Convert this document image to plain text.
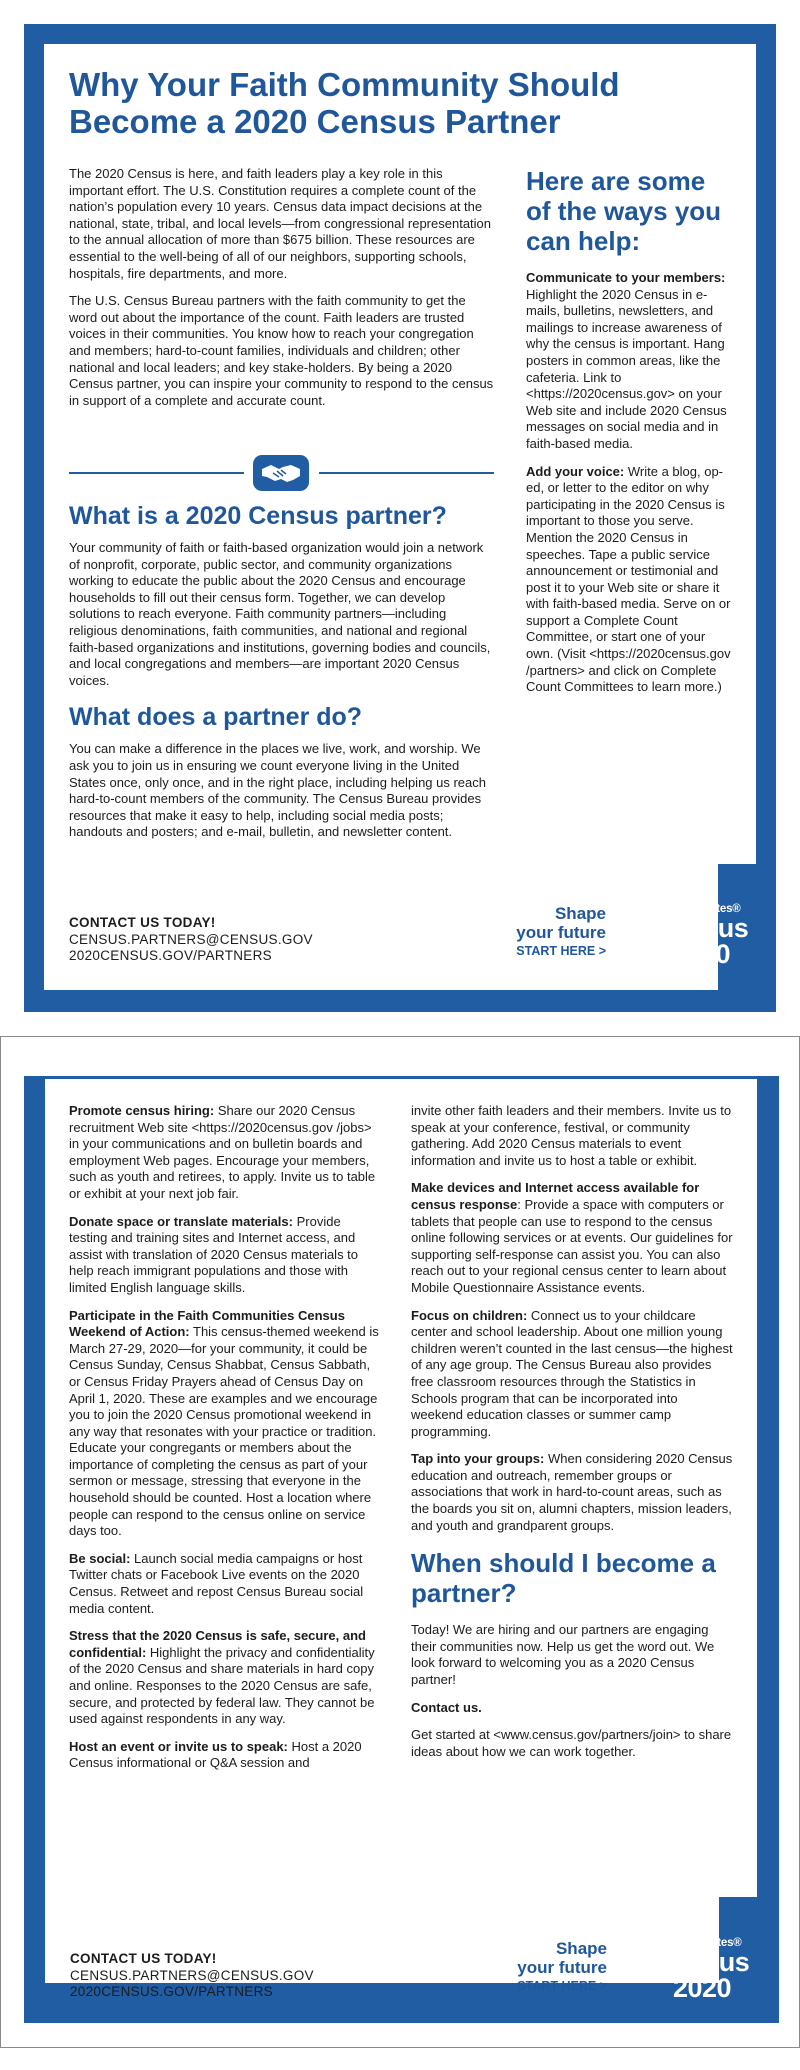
Why Your Faith Community Should Become a 2020 Census Partner

The 2020 Census is here, and faith leaders play a key role in this important effort. The U.S. Constitution requires a complete count of the nation’s population every 10 years. Census data impact decisions at the national, state, tribal, and local levels—from congressional representation to the annual allocation of more than $675 billion. These resources are essential to the well-being of all of our neighbors, supporting schools, hospitals, fire departments, and more.

The U.S. Census Bureau partners with the faith community to get the word out about the importance of the count. Faith leaders are trusted voices in their communities. You know how to reach your congregation and members; hard-to-count families, individuals and children; other national and local leaders; and key stake-holders. By being a 2020 Census partner, you can inspire your community to respond to the census in support of a complete and accurate count.

What is a 2020 Census partner?

Your community of faith or faith-based organization would join a network of nonprofit, corporate, public sector, and community organizations working to educate the public about the 2020 Census and encourage households to fill out their census form. Together, we can develop solutions to reach everyone. Faith community partners—including religious denominations, faith communities, and national and regional faith-based organizations and institutions, governing bodies and councils, and local congregations and members—are important 2020 Census voices.

What does a partner do?

You can make a difference in the places we live, work, and worship. We ask you to join us in ensuring we count everyone living in the United States once, only once, and in the right place, including helping us reach hard-to-count members of the community. The Census Bureau provides resources that make it easy to help, including social media posts; handouts and posters; and e-mail, bulletin, and newsletter content.

Here are some of the ways you can help:

Communicate to your members: Highlight the 2020 Census in e-mails, bulletins, newsletters, and mailings to increase awareness of why the census is important. Hang posters in common areas, like the cafeteria. Link to <https://2020census.gov> on your Web site and include 2020 Census messages on social media and in faith-based media.

Add your voice: Write a blog, op-ed, or letter to the editor on why participating in the 2020 Census is important to those you serve. Mention the 2020 Census in speeches. Tape a public service announcement or testimonial and post it to your Web site or share it with faith-based media. Serve on or support a Complete Count Committee, or start one of your own. (Visit <https://2020census.gov /partners> and click on Complete Count Committees to learn more.)

CONTACT US TODAY!
CENSUS.PARTNERS@CENSUS.GOV
2020CENSUS.GOV/PARTNERS
Shape
your future
START HERE >
United States®
Census
2020

Promote census hiring: Share our 2020 Census recruitment Web site <https://2020census.gov /jobs> in your communications and on bulletin boards and employment Web pages. Encourage your members, such as youth and retirees, to apply. Invite us to table or exhibit at your next job fair.

Donate space or translate materials: Provide testing and training sites and Internet access, and assist with translation of 2020 Census materials to help reach immigrant populations and those with limited English language skills.

Participate in the Faith Communities Census Weekend of Action: This census-themed weekend is March 27-29, 2020—for your community, it could be Census Sunday, Census Shabbat, Census Sabbath, or Census Friday Prayers ahead of Census Day on April 1, 2020. These are examples and we encourage you to join the 2020 Census promotional weekend in any way that resonates with your practice or tradition. Educate your congregants or members about the importance of completing the census as part of your sermon or message, stressing that everyone in the household should be counted. Host a location where people can respond to the census online on service days too.

Be social: Launch social media campaigns or host Twitter chats or Facebook Live events on the 2020 Census. Retweet and repost Census Bureau social media content.

Stress that the 2020 Census is safe, secure, and confidential: Highlight the privacy and confidentiality of the 2020 Census and share materials in hard copy and online. Responses to the 2020 Census are safe, secure, and protected by federal law. They cannot be used against respondents in any way.

Host an event or invite us to speak: Host a 2020 Census informational or Q&A session and

invite other faith leaders and their members. Invite us to speak at your conference, festival, or community gathering. Add 2020 Census materials to event information and invite us to host a table or exhibit.

Make devices and Internet access available for census response: Provide a space with computers or tablets that people can use to respond to the census online following services or at events. Our guidelines for supporting self-response can assist you. You can also reach out to your regional census center to learn about Mobile Questionnaire Assistance events.

Focus on children: Connect us to your childcare center and school leadership. About one million young children weren’t counted in the last census—the highest of any age group. The Census Bureau also provides free classroom resources through the Statistics in Schools program that can be incorporated into weekend education classes or summer camp programming.

Tap into your groups: When considering 2020 Census education and outreach, remember groups or associations that work in hard-to-count areas, such as the boards you sit on, alumni chapters, mission leaders, and youth and grandparent groups.

When should I become a partner?

Today! We are hiring and our partners are engaging their communities now. Help us get the word out. We look forward to welcoming you as a 2020 Census partner!

Contact us.

Get started at <www.census.gov/partners/join> to share ideas about how we can work together.

CONTACT US TODAY!
CENSUS.PARTNERS@CENSUS.GOV
2020CENSUS.GOV/PARTNERS
Shape
your future
START HERE >
United States®
Census
2020
